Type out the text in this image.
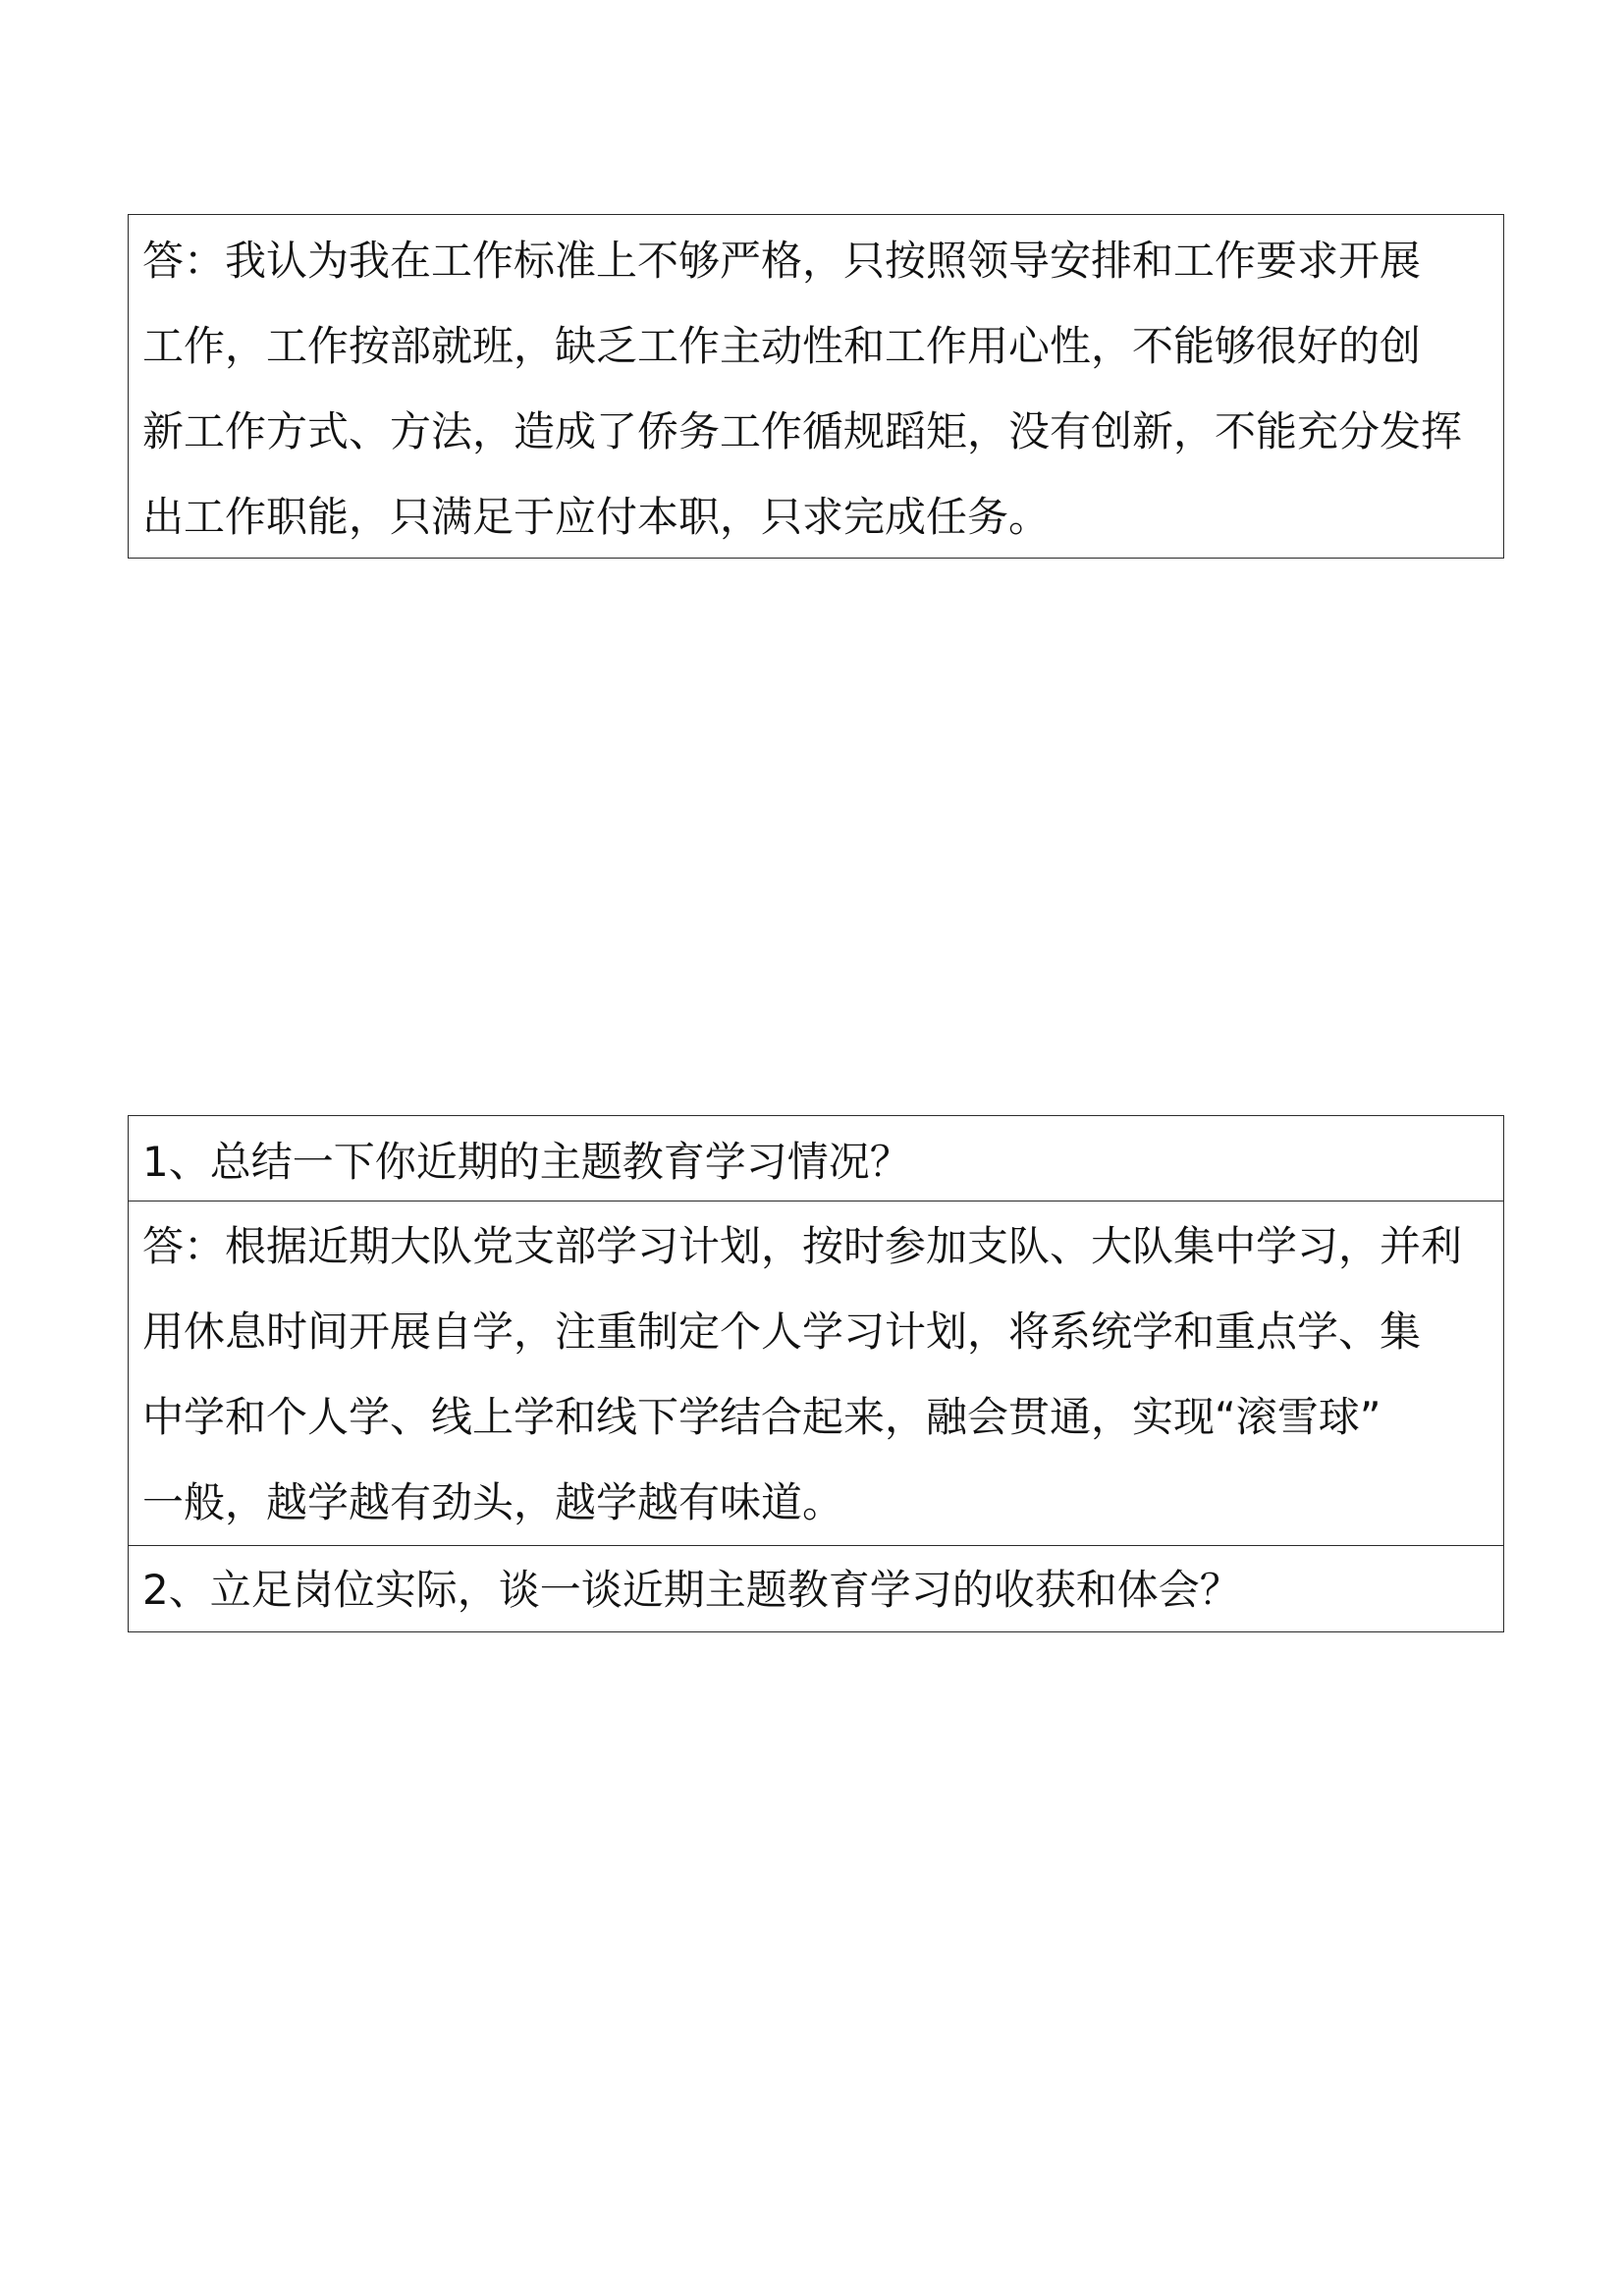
答：我认为我在工作标准上不够严格，只按照领导安排和工作要求开展
工作，工作按部就班，缺乏工作主动性和工作用心性，不能够很好的创
新工作方式、方法，造成了侨务工作循规蹈矩，没有创新，不能充分发挥
出工作职能，只满足于应付本职，只求完成任务。
1、总结一下你近期的主题教育学习情况？
答：根据近期大队党支部学习计划，按时参加支队、大队集中学习，并利
用休息时间开展自学，注重制定个人学习计划，将系统学和重点学、集
中学和个人学、线上学和线下学结合起来，融会贯通，实现“滚雪球”
一般，越学越有劲头，越学越有味道。
2、立足岗位实际，谈一谈近期主题教育学习的收获和体会？
